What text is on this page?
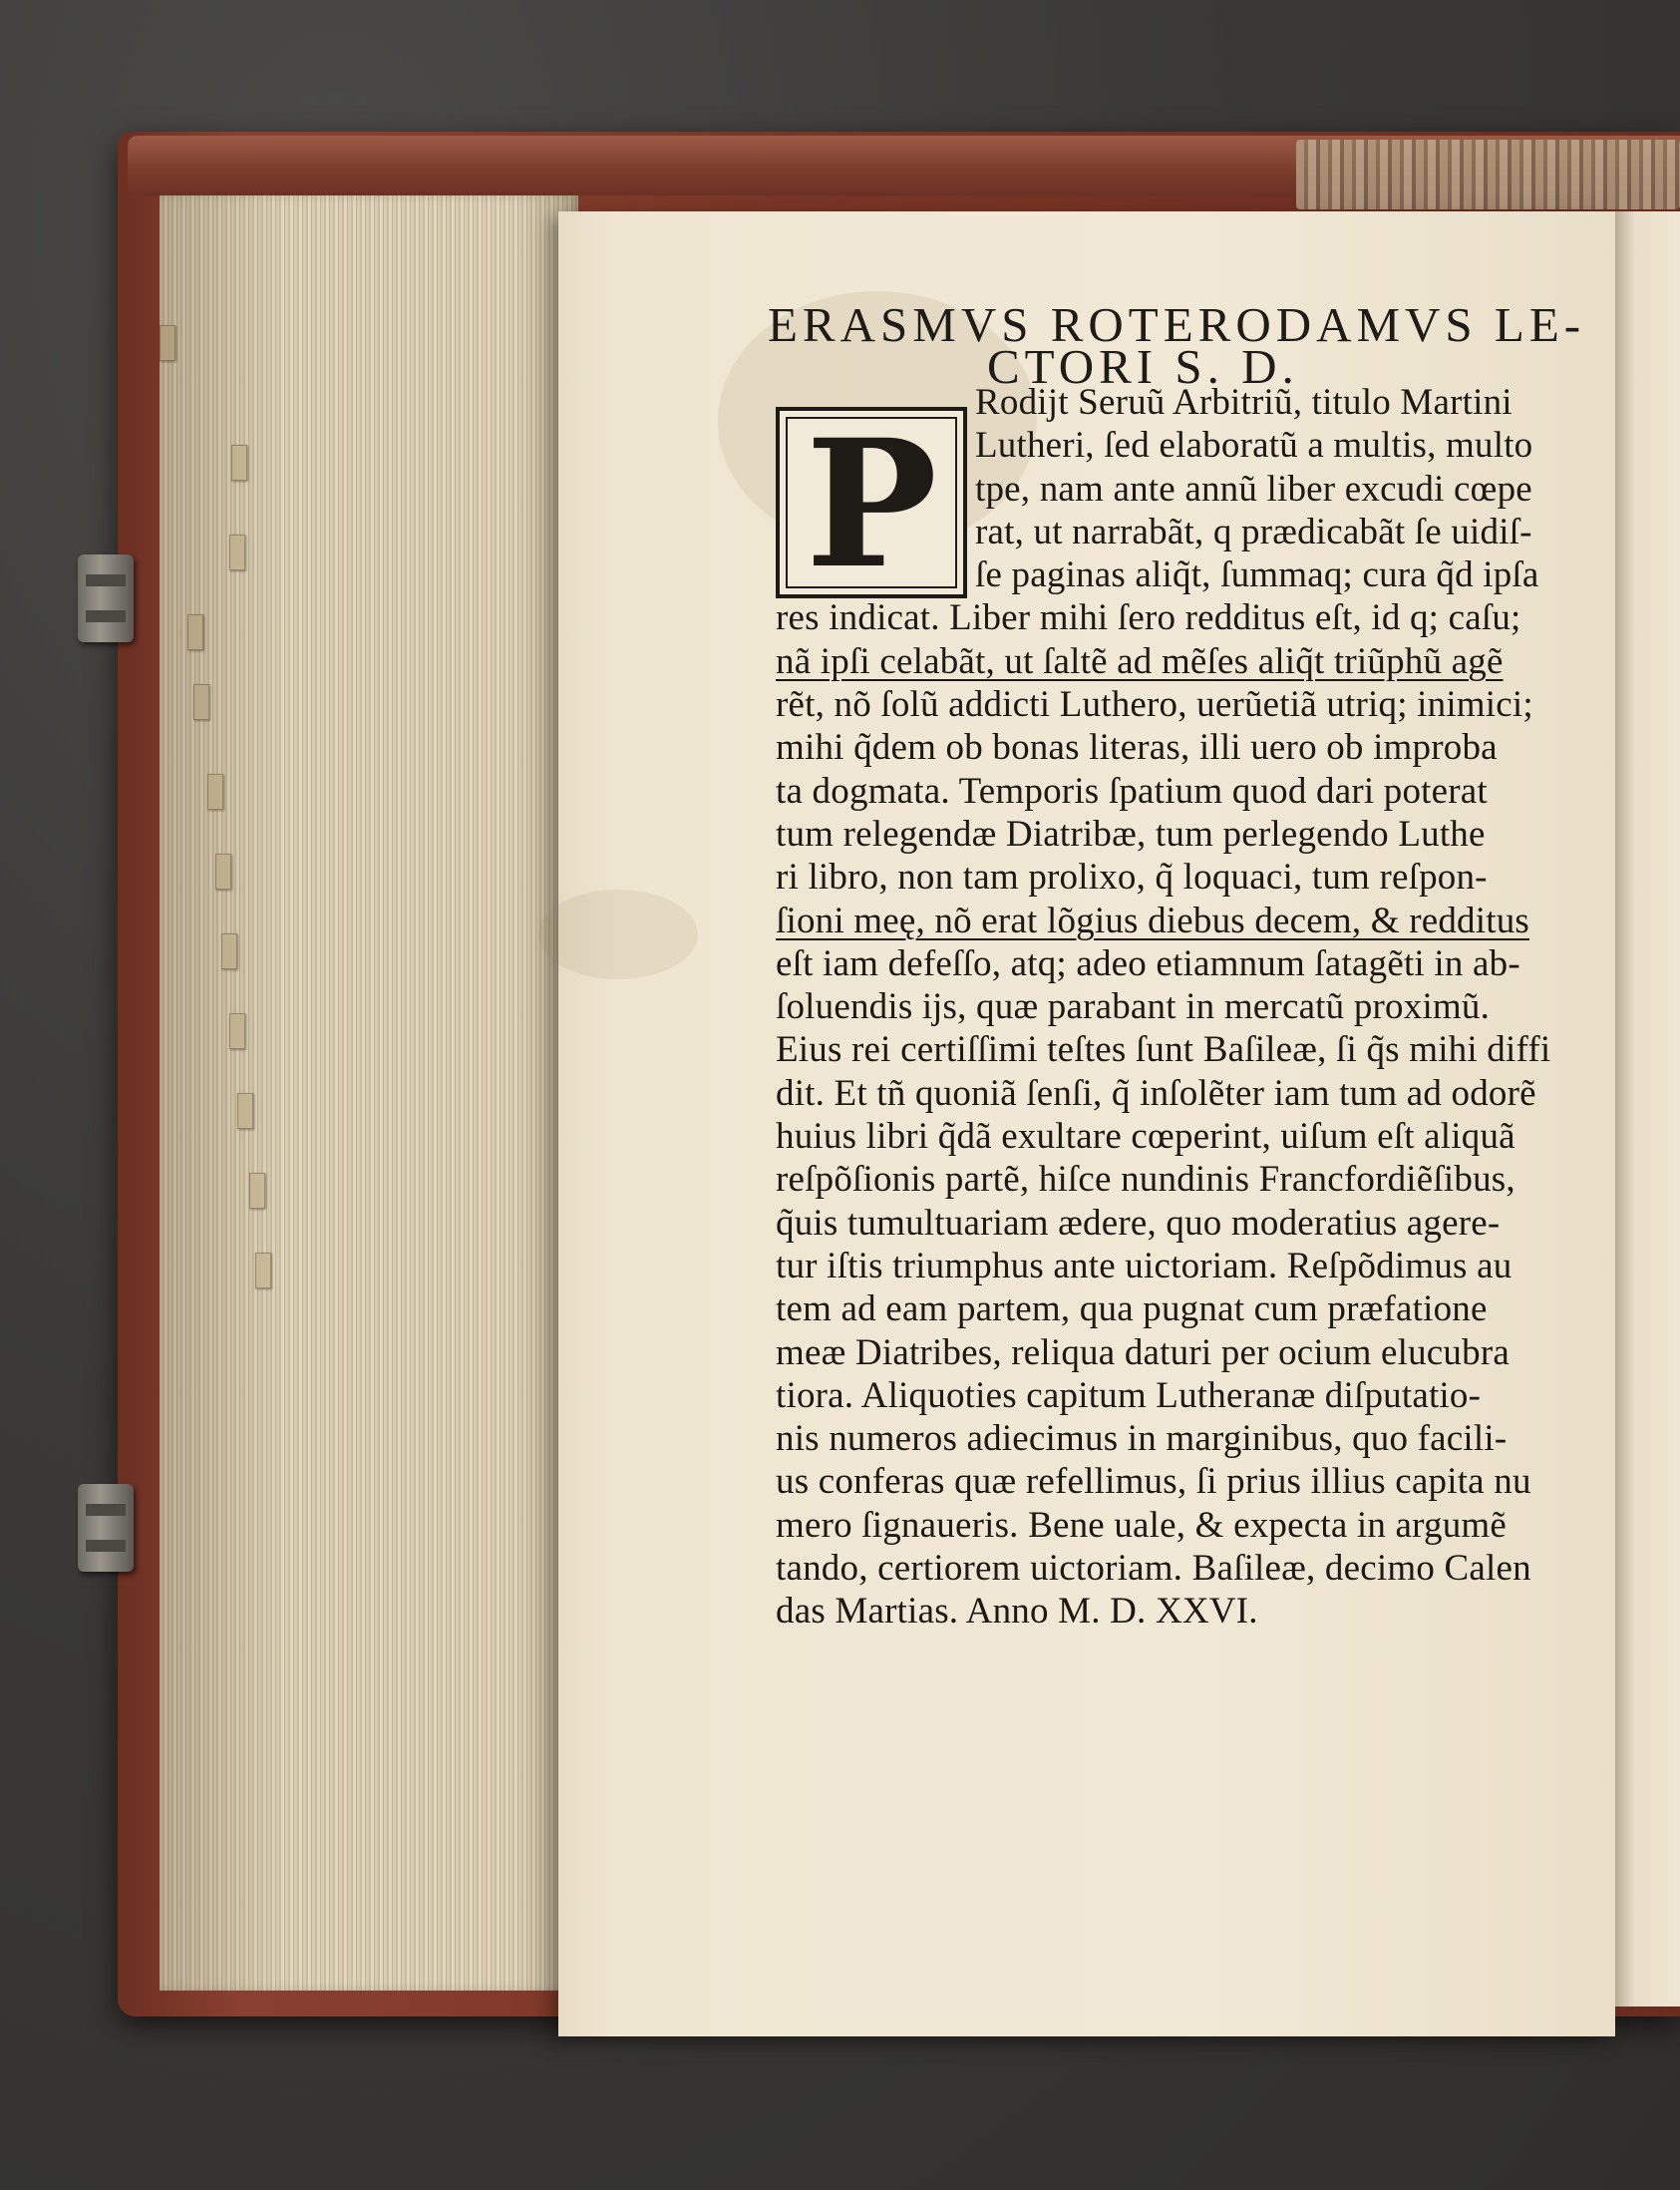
ERASMVS ROTERODAMVS LE-
CTORI S. D.
P	Rodijt Seruũ Arbitriũ, titulo Martini
Lutheri, ſed elaboratũ a multis, multo
tpe, nam ante annũ liber excudi cœpe
rat, ut narrabãt, q prædicabãt ſe uidiſ-
ſe paginas aliq̃t, ſummaq; cura q̃d ipſa
res indicat. Liber mihi ſero redditus eſt, id q; caſu;
nã ipſi celabãt, ut ſaltẽ ad mẽſes aliq̃t triũphũ agẽ
rẽt, nõ ſolũ addicti Luthero, uerũetiã utriq; inimici;
mihi q̃dem ob bonas literas, illi uero ob improba
ta dogmata. Temporis ſpatium quod dari poterat
tum relegendæ Diatribæ, tum perlegendo Luthe
ri libro, non tam prolixo, q̃ loquaci, tum reſpon-
ſioni meę, nõ erat lõgius diebus decem, & redditus
eſt iam defeſſo, atq; adeo etiamnum ſatagẽti in ab-
ſoluendis ĳs, quæ parabant in mercatũ proximũ.
Eius rei certiſſimi teſtes ſunt Baſileæ, ſi q̃s mihi diffi
dit. Et tñ quoniã ſenſi, q̃ inſolẽter iam tum ad odorẽ
huius libri q̃dã exultare cœperint, uiſum eſt aliquã
reſpõſionis partẽ, hiſce nundinis Francfordiẽſibus,
q̃uis tumultuariam ædere, quo moderatius agere-
tur iſtis triumphus ante uictoriam. Reſpõdimus au
tem ad eam partem, qua pugnat cum præfatione
meæ Diatribes, reliqua daturi per ocium elucubra
tiora. Aliquoties capitum Lutheranæ diſputatio-
nis numeros adiecimus in marginibus, quo facili-
us conferas quæ refellimus, ſi prius illius capita nu
mero ſignaueris. Bene uale, & expecta in argumẽ
tando, certiorem uictoriam. Baſileæ, decimo Calen
das Martias. Anno M. D. XXVI.
